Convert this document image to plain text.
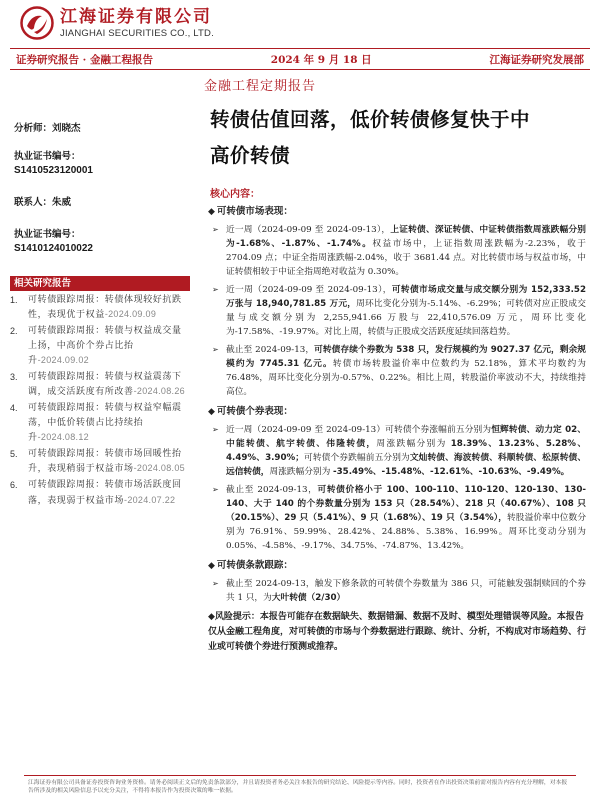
江海证券有限公司
JIANGHAI SECURITIES CO., LTD.
证券研究报告 · 金融工程报告	2024 年 9 月 18 日	江海证券研究发展部
金融工程定期报告
分析师：刘晓杰
执业证书编号：
S1410523120001
联系人：朱威
执业证书编号：
S1410124010022
相关研究报告
1.	可转债跟踪周报：转债体现较好抗跌性，表现优于权益-2024.09.09
2.	可转债跟踪周报：转债与权益成交量上扬，中高价个券占比抬升-2024.09.02
3.	可转债跟踪周报：转债与权益震荡下调，成交活跃度有所改善-2024.08.26
4.	可转债跟踪周报：转债与权益窄幅震荡，中低价转债占比持续抬升-2024.08.12
5.	可转债跟踪周报：转债市场回暖性抬升，表现稍弱于权益市场-2024.08.05
6.	可转债跟踪周报：转债市场活跃度回落，表现弱于权益市场-2024.07.22
转债估值回落，低价转债修复快于中
高价转债
核心内容：
◆ 可转债市场表现：
➢ 近一周（2024-09-09 至 2024-09-13），上证转债、深证转债、中证转债指数周涨跌幅分别为-1.68%、-1.87%、-1.74%。权益市场中，上证指数周涨跌幅为-2.23%，收于 2704.09 点；中证全指周涨跌幅-2.04%，收于 3681.44 点。对比转债市场与权益市场，中证转债相较于中证全指周绝对收益为 0.30%。
➢ 近一周（2024-09-09 至 2024-09-13），可转债市场成交量与成交额分别为 152,333.52 万张与 18,940,781.85 万元，周环比变化分别为-5.14%、-6.29%；可转债对应正股成交量与成交额分别为 2,255,941.66 万股与 22,410,576.09 万元，周环比变化为-17.58%、-19.97%。对比上周，转债与正股成交活跃度延续回落趋势。
➢ 截止至 2024-09-13，可转债存续个券数为 538 只，发行规模约为 9027.37 亿元，剩余规模约为 7745.31 亿元。转债市场转股溢价率中位数约为 52.18%，算术平均数约为 76.48%，周环比变化分别为-0.57%、0.22%。相比上周，转股溢价率波动不大，持续维持高位。
◆ 可转债个券表现：
➢ 近一周（2024-09-09 至 2024-09-13）可转债个券涨幅前五分别为恒辉转债、动力定 02、中能转债、航宇转债、伟隆转债，周涨跌幅分别为 18.39%、13.23%、5.28%、4.49%、3.90%；可转债个券跌幅前五分别为文灿转债、海波转债、科顺转债、松原转债、远信转债，周涨跌幅分别为 -35.49%、-15.48%、-12.61%、-10.63%、-9.49%。
➢ 截止至 2024-09-13，可转债价格小于 100、100-110、110-120、120-130、130-140、大于 140 的个券数量分别为 153 只（28.54%）、218 只（40.67%）、108 只（20.15%）、29 只（5.41%）、9 只（1.68%）、19 只（3.54%），转股溢价率中位数分别为 76.91%、59.99%、28.42%、24.88%、5.38%、16.99%。周环比变动分别为 0.05%、-4.58%、-9.17%、34.75%、-74.87%、13.42%。
◆ 可转债条款跟踪：
➢ 截止至 2024-09-13，触发下修条款的可转债个券数量为 386 只，可能触发强制赎回的个券共 1 只，为大叶转债（2/30）
◆风险提示：本报告可能存在数据缺失、数据错漏、数据不及时、模型处理错误等风险。本报告仅从金融工程角度，对可转债的市场与个券数据进行跟踪、统计、分析，不构成对市场趋势、行业或可转债个券进行预测或推荐。
江海证券有限公司具备证券投资咨询业务资格。请务必阅读正文后的免责条款部分，并且请投资者务必关注本报告的研究结论、风险提示等内容。同时，投资者在作出投资决策前需对报告内容有充分理解，对本报告所涉及的相关风险信息予以充分关注，不得将本报告作为投资决策的唯一依据。
